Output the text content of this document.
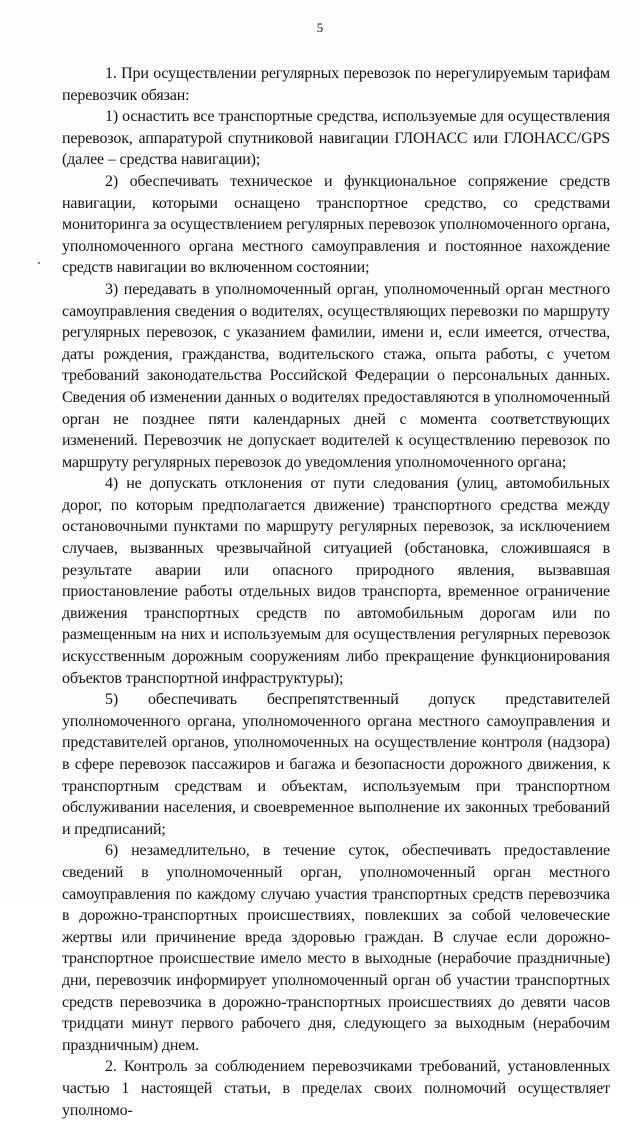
5

1. При осуществлении регулярных перевозок по нерегулируемым тарифам перевозчик обязан:

1) оснастить все транспортные средства, используемые для осуществления перевозок, аппаратурой спутниковой навигации ГЛОНАСС или ГЛОНАСС/GPS (далее – средства навигации);

2) обеспечивать техническое и функциональное сопряжение средств навигации, которыми оснащено транспортное средство, со средствами мониторинга за осуществлением регулярных перевозок уполномоченного органа, уполномоченного органа местного самоуправления и постоянное нахождение средств навигации во включенном состоянии;

3) передавать в уполномоченный орган, уполномоченный орган местного самоуправления сведения о водителях, осуществляющих перевозки по маршруту регулярных перевозок, с указанием фамилии, имени и, если имеется, отчества, даты рождения, гражданства, водительского стажа, опыта работы, с учетом требований законодательства Российской Федерации о персональных данных. Сведения об изменении данных о водителях предоставляются в уполномоченный орган не позднее пяти календарных дней с момента соответствующих изменений. Перевозчик не допускает водителей к осуществлению перевозок по маршруту регулярных перевозок до уведомления уполномоченного органа;

4) не допускать отклонения от пути следования (улиц, автомобильных дорог, по которым предполагается движение) транспортного средства между остановочными пунктами по маршруту регулярных перевозок, за исключением случаев, вызванных чрезвычайной ситуацией (обстановка, сложившаяся в результате аварии или опасного природного явления, вызвавшая приостановление работы отдельных видов транспорта, временное ограничение движения транспортных средств по автомобильным дорогам или по размещенным на них и используемым для осуществления регулярных перевозок искусственным дорожным сооружениям либо прекращение функционирования объектов транспортной инфраструктуры);

5) обеспечивать беспрепятственный допуск представителей уполномоченного органа, уполномоченного органа местного самоуправления и представителей органов, уполномоченных на осуществление контроля (надзора) в сфере перевозок пассажиров и багажа и безопасности дорожного движения, к транспортным средствам и объектам, используемым при транспортном обслуживании населения, и своевременное выполнение их законных требований и предписаний;

6) незамедлительно, в течение суток, обеспечивать предоставление сведений в уполномоченный орган, уполномоченный орган местного самоуправления по каждому случаю участия транспортных средств перевозчика в дорожно-транспортных происшествиях, повлекших за собой человеческие жертвы или причинение вреда здоровью граждан. В случае если дорожно-транспортное происшествие имело место в выходные (нерабочие праздничные) дни, перевозчик информирует уполномоченный орган об участии транспортных средств перевозчика в дорожно-транспортных происшествиях до девяти часов тридцати минут первого рабочего дня, следующего за выходным (нерабочим праздничным) днем.

2. Контроль за соблюдением перевозчиками требований, установленных частью 1 настоящей статьи, в пределах своих полномочий осуществляет уполномо-
